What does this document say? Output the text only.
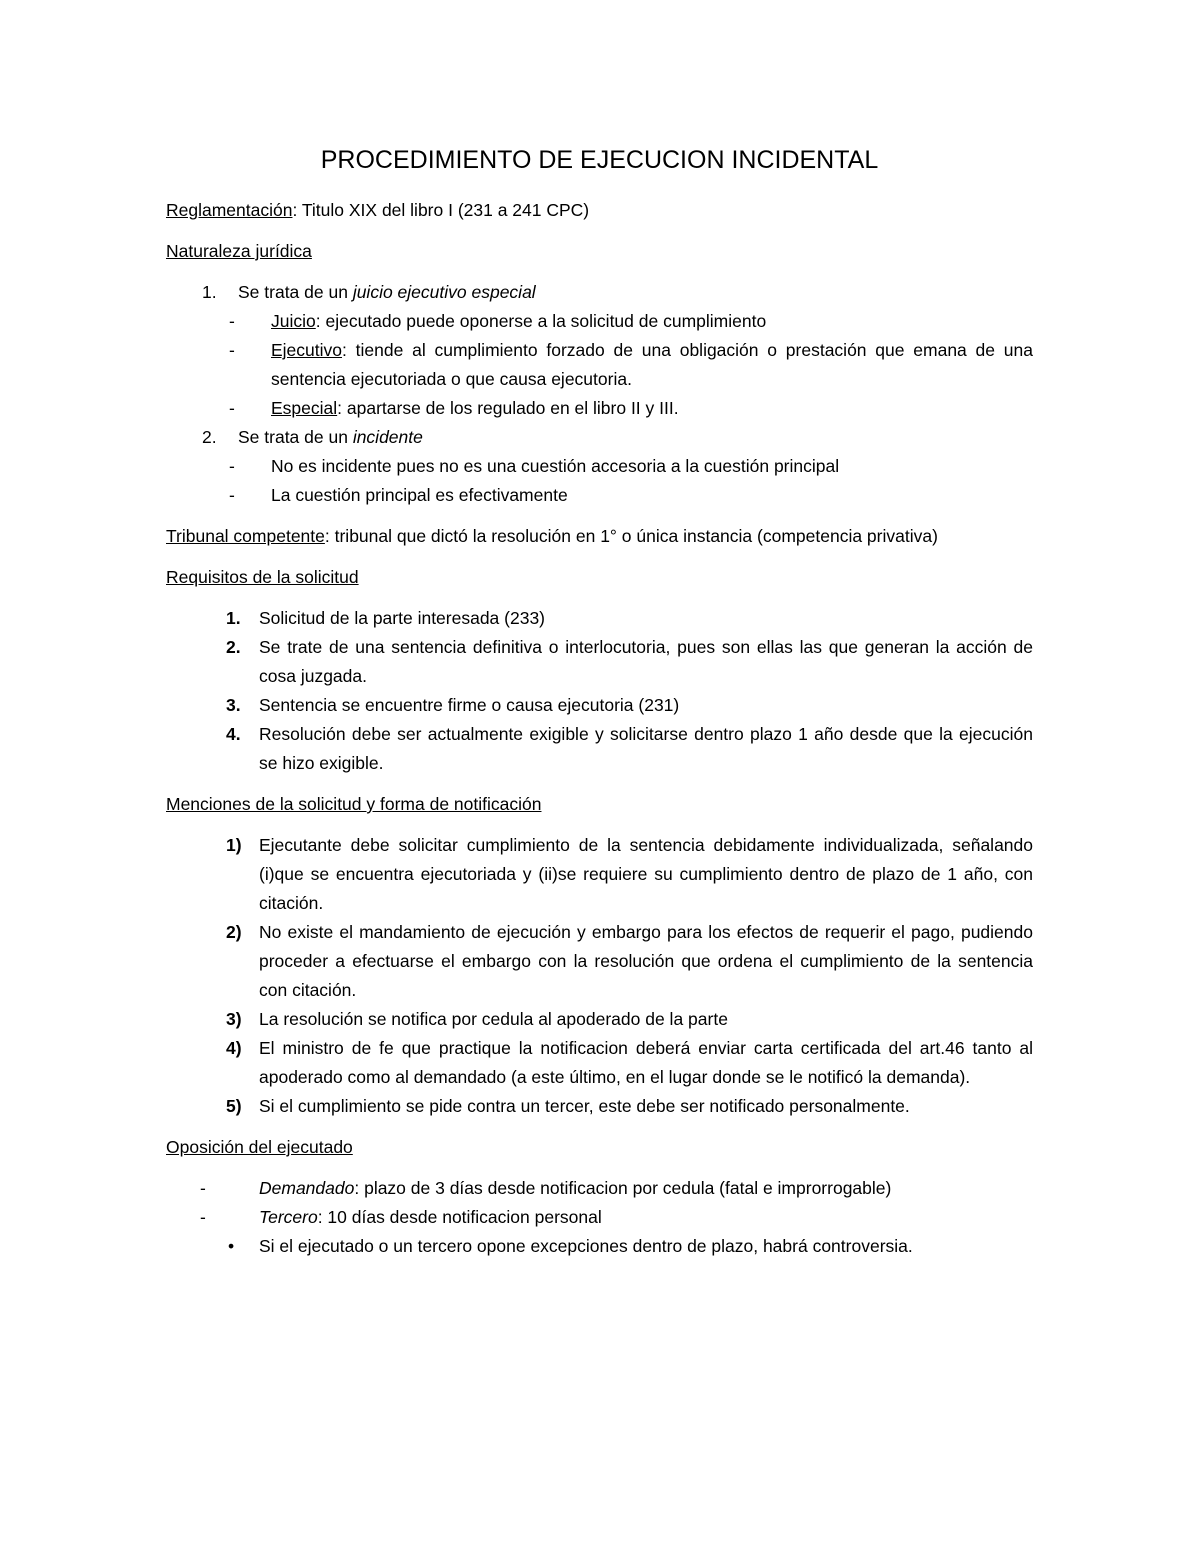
PROCEDIMIENTO DE EJECUCION INCIDENTAL

Reglamentación: Titulo XIX del libro I (231 a 241 CPC)

Naturaleza jurídica

1.	Se trata de un juicio ejecutivo especial
-	Juicio: ejecutado puede oponerse a la solicitud de cumplimiento
-	Ejecutivo: tiende al cumplimiento forzado de una obligación o prestación que emana de una sentencia ejecutoriada o que causa ejecutoria.
-	Especial: apartarse de los regulado en el libro II y III.
2.	Se trata de un incidente
-	No es incidente pues no es una cuestión accesoria a la cuestión principal
-	La cuestión principal es efectivamente

Tribunal competente: tribunal que dictó la resolución en 1° o única instancia (competencia privativa)

Requisitos de la solicitud

1.	Solicitud de la parte interesada (233)
2.	Se trate de una sentencia definitiva o interlocutoria, pues son ellas las que generan la acción de cosa juzgada.
3.	Sentencia se encuentre firme o causa ejecutoria (231)
4.	Resolución debe ser actualmente exigible y solicitarse dentro plazo 1 año desde que la ejecución se hizo exigible.

Menciones de la solicitud y forma de notificación

1) Ejecutante debe solicitar cumplimiento de la sentencia debidamente individualizada, señalando (i)que se encuentra ejecutoriada y (ii)se requiere su cumplimiento dentro de plazo de 1 año, con citación.
2) No existe el mandamiento de ejecución y embargo para los efectos de requerir el pago, pudiendo proceder a efectuarse el embargo con la resolución que ordena el cumplimiento de la sentencia con citación.
3) La resolución se notifica por cedula al apoderado de la parte
4) El ministro de fe que practique la notificacion deberá enviar carta certificada del art.46 tanto al apoderado como al demandado (a este último, en el lugar donde se le notificó la demanda).
5) Si el cumplimiento se pide contra un tercer, este debe ser notificado personalmente.

Oposición del ejecutado

-	Demandado: plazo de 3 días desde notificacion por cedula (fatal e improrrogable)
-	Tercero: 10 días desde notificacion personal
•	Si el ejecutado o un tercero opone excepciones dentro de plazo, habrá controversia.
